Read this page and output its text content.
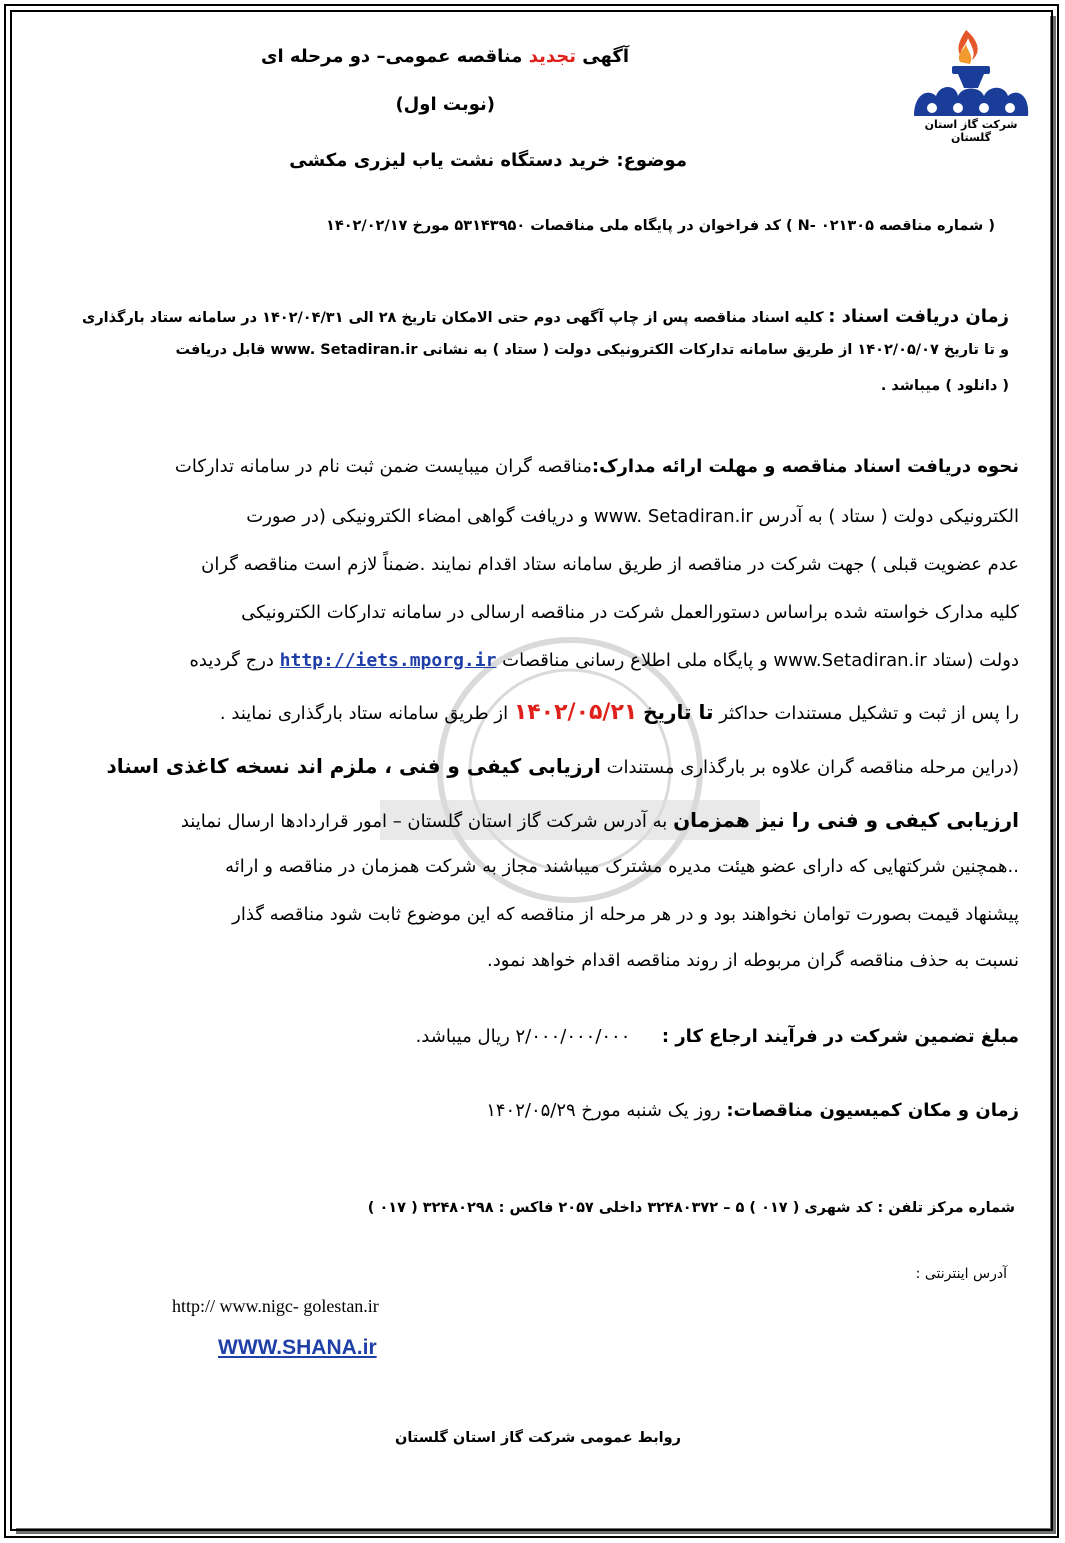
شرکت گاز استان گلستان
آگهی تجدید مناقصه عمومی– دو مرحله ای
(نوبت اول)
موضوع: خرید دستگاه نشت یاب لیزری مکشی
( شماره مناقصه N- ۰۲۱۳۰۵ ) کد فراخوان در پایگاه ملی مناقصات ۵۳۱۴۳۹۵۰ مورخ ۱۴۰۲/۰۲/۱۷
زمان دریافت اسناد : کلیه اسناد مناقصه پس از چاپ آگهی دوم حتی الامکان تاریخ ۲۸ الی ۱۴۰۲/۰۴/۳۱ در سامانه ستاد بارگذاری
و تا تاریخ ۱۴۰۲/۰۵/۰۷ از طریق سامانه تدارکات الکترونیکی دولت ( ستاد ) به نشانی www. Setadiran.ir قابل دریافت
( دانلود ) میباشد .
نحوه دریافت اسناد مناقصه و مهلت ارائه مدارک:مناقصه گران میبایست ضمن ثبت نام در سامانه تدارکات
الکترونیکی دولت ( ستاد ) به آدرس www. Setadiran.ir و دریافت گواهی امضاء الکترونیکی (در صورت
عدم عضویت قبلی ) جهت شرکت در مناقصه از طریق سامانه ستاد اقدام نمایند .ضمناً لازم است مناقصه گران
کلیه مدارک خواسته شده براساس دستورالعمل شرکت در مناقصه ارسالی در سامانه تدارکات الکترونیکی
دولت (ستاد www.Setadiran.ir و پایگاه ملی اطلاع رسانی مناقصات http://iets.mporg.ir درج گردیده
را پس از ثبت و تشکیل مستندات حداکثر تا تاریخ ۱۴۰۲/۰۵/۲۱ از طریق سامانه ستاد بارگذاری نمایند .
(دراین مرحله مناقصه گران علاوه بر بارگذاری مستندات ارزیابی کیفی و فنی ، ملزم اند نسخه کاغذی اسناد
ارزیابی کیفی و فنی را نیز همزمان به آدرس شرکت گاز استان گلستان – امور قراردادها ارسال نمایند
..همچنین شرکتهایی که دارای عضو هیئت مدیره مشترک میباشند مجاز به شرکت همزمان در مناقصه و ارائه
پیشنهاد قیمت بصورت توامان نخواهند بود و در هر مرحله از مناقصه که این موضوع ثابت شود مناقصه گذار
نسبت به حذف مناقصه گران مربوطه از روند مناقصه اقدام خواهد نمود.
مبلغ تضمین شرکت در فرآیند ارجاع کار :  ۲/۰۰۰/۰۰۰/۰۰۰ ریال میباشد.
زمان و مکان کمیسیون مناقصات: روز یک شنبه مورخ ۱۴۰۲/۰۵/۲۹
شماره مرکز تلفن : کد شهری ( ۰۱۷ ) ۵ – ۳۲۴۸۰۳۷۲ داخلی ۲۰۵۷ فاکس : ۳۲۴۸۰۲۹۸ ( ۰۱۷ )
آدرس اینترنتی :
http:// www.nigc- golestan.ir
WWW.SHANA.ir
روابط عمومی شرکت گاز استان گلستان
